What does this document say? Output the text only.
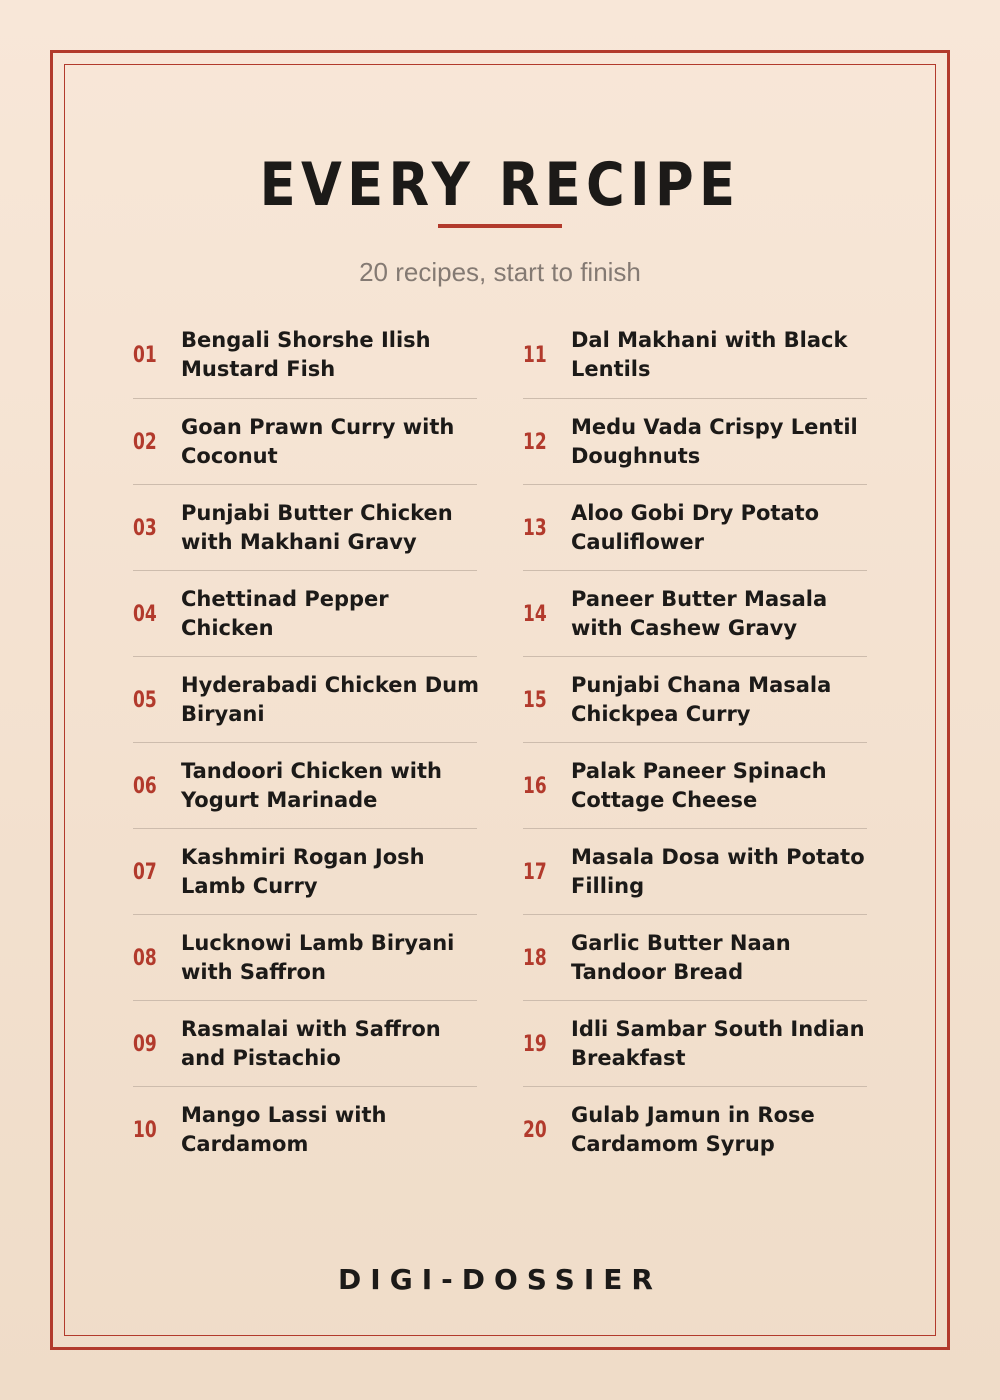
EVERY RECIPE
20 recipes, start to finish
01
Bengali Shorshe Ilish Mustard Fish
02
Goan Prawn Curry with Coconut
03
Punjabi Butter Chicken with Makhani Gravy
04
Chettinad Pepper Chicken
05
Hyderabadi Chicken Dum Biryani
06
Tandoori Chicken with Yogurt Marinade
07
Kashmiri Rogan Josh Lamb Curry
08
Lucknowi Lamb Biryani with Saffron
09
Rasmalai with Saffron and Pistachio
10
Mango Lassi with Cardamom
11
Dal Makhani with Black Lentils
12
Medu Vada Crispy Lentil Doughnuts
13
Aloo Gobi Dry Potato Cauliflower
14
Paneer Butter Masala with Cashew Gravy
15
Punjabi Chana Masala Chickpea Curry
16
Palak Paneer Spinach Cottage Cheese
17
Masala Dosa with Potato Filling
18
Garlic Butter Naan Tandoor Bread
19
Idli Sambar South Indian Breakfast
20
Gulab Jamun in Rose Cardamom Syrup
DIGI-DOSSIER
